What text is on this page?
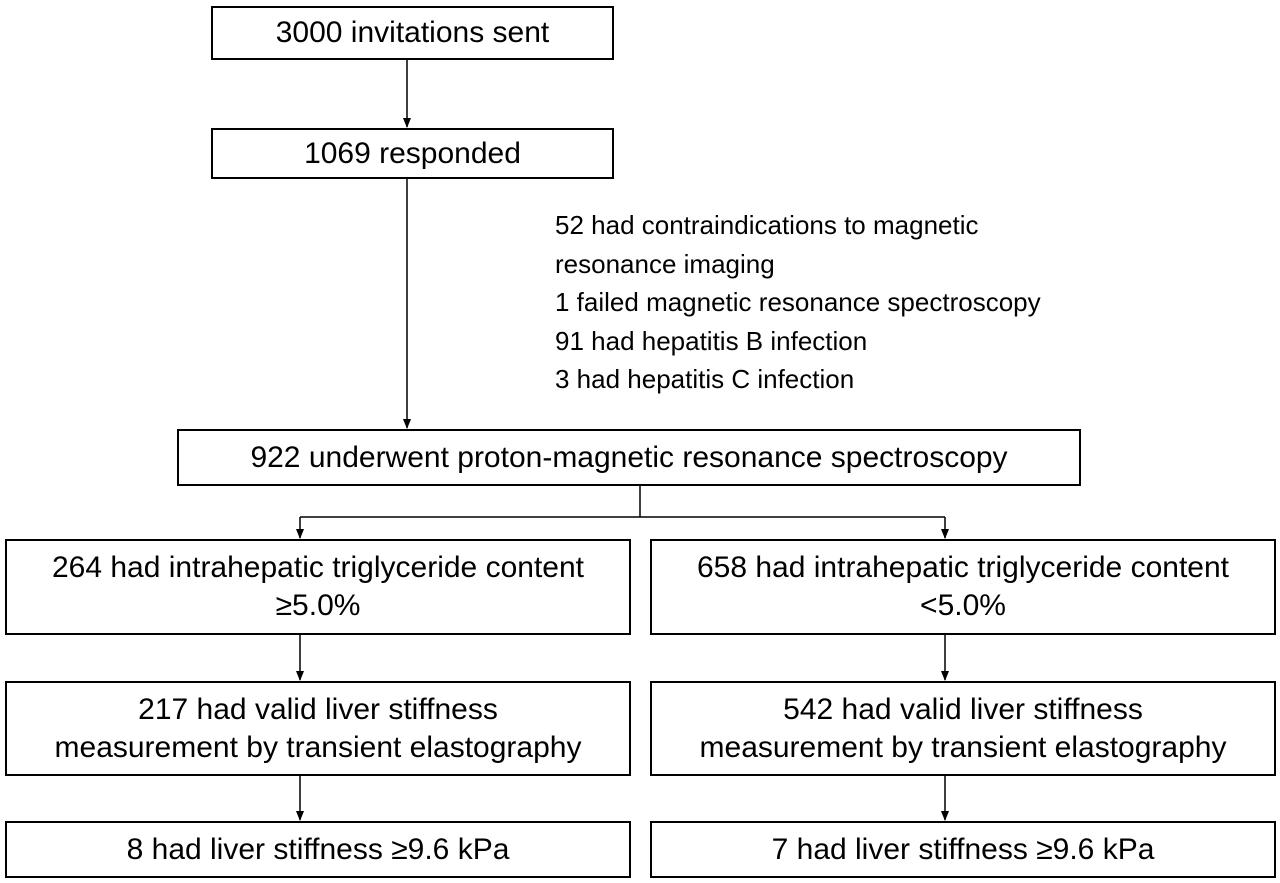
3000 invitations sent
1069 responded
52 had contraindications to magnetic
resonance imaging
1 failed magnetic resonance spectroscopy
91 had hepatitis B infection
3 had hepatitis C infection
922 underwent proton-magnetic resonance spectroscopy
264 had intrahepatic triglyceride content
≥5.0%
658 had intrahepatic triglyceride content
<5.0%
217 had valid liver stiffness
measurement by transient elastography
542 had valid liver stiffness
measurement by transient elastography
8 had liver stiffness ≥9.6 kPa	7 had liver stiffness ≥9.6 kPa
